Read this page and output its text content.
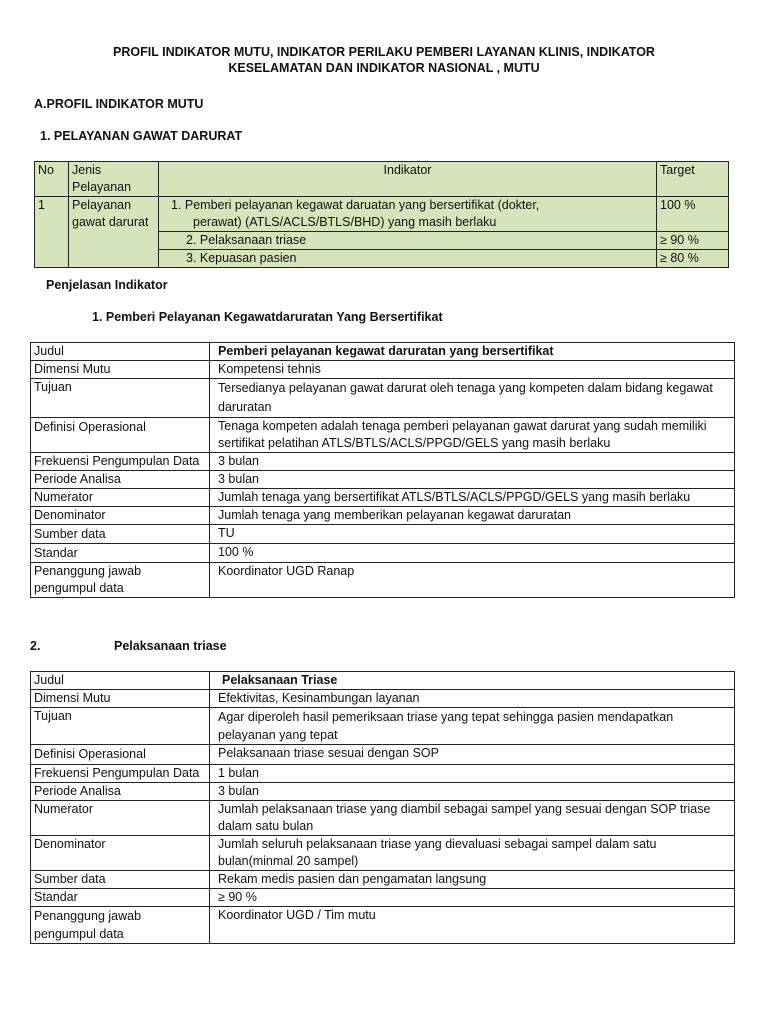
PROFIL INDIKATOR MUTU, INDIKATOR PERILAKU PEMBERI LAYANAN KLINIS, INDIKATOR
KESELAMATAN DAN INDIKATOR NASIONAL , MUTU
A.PROFIL INDIKATOR MUTU
1. PELAYANAN GAWAT DARURAT
No	Jenis Pelayanan	Indikator	Target
1	Pelayanan gawat darurat	1. Pemberi pelayanan kegawat daruatan yang bersertifikat (dokter,
perawat) (ATLS/ACLS/BTLS/BHD) yang masih berlaku	100 %
		2. Pelaksanaan triase	≥ 90 %
		3. Kepuasan pasien	≥ 80 %
Penjelasan Indikator
1. Pemberi Pelayanan Kegawatdaruratan Yang Bersertifikat
Judul	Pemberi pelayanan kegawat daruratan yang bersertifikat
Dimensi Mutu	Kompetensi tehnis
Tujuan	Tersedianya pelayanan gawat darurat oleh tenaga yang kompeten dalam bidang kegawat daruratan
Definisi Operasional	Tenaga kompeten adalah tenaga pemberi pelayanan gawat darurat yang sudah memiliki sertifikat pelatihan ATLS/BTLS/ACLS/PPGD/GELS yang masih berlaku
Frekuensi Pengumpulan Data	3 bulan
Periode Analisa	3 bulan
Numerator	Jumlah tenaga yang bersertifikat ATLS/BTLS/ACLS/PPGD/GELS yang masih berlaku
Denominator	Jumlah tenaga yang memberikan pelayanan kegawat daruratan
Sumber data	TU
Standar	100 %
Penanggung jawab pengumpul data	Koordinator UGD Ranap
2.	Pelaksanaan triase
Judul	Pelaksanaan Triase
Dimensi Mutu	Efektivitas, Kesinambungan layanan
Tujuan	Agar diperoleh hasil pemeriksaan triase yang tepat sehingga pasien mendapatkan pelayanan yang tepat
Definisi Operasional	Pelaksanaan triase sesuai dengan SOP
Frekuensi Pengumpulan Data	1 bulan
Periode Analisa	3 bulan
Numerator	Jumlah pelaksanaan triase yang diambil sebagai sampel yang sesuai dengan SOP triase dalam satu bulan
Denominator	Jumlah seluruh pelaksanaan triase yang dievaluasi sebagai sampel dalam satu bulan(minmal 20 sampel)
Sumber data	Rekam medis pasien dan pengamatan langsung
Standar	≥ 90 %
Penanggung jawab pengumpul data	Koordinator UGD / Tim mutu
